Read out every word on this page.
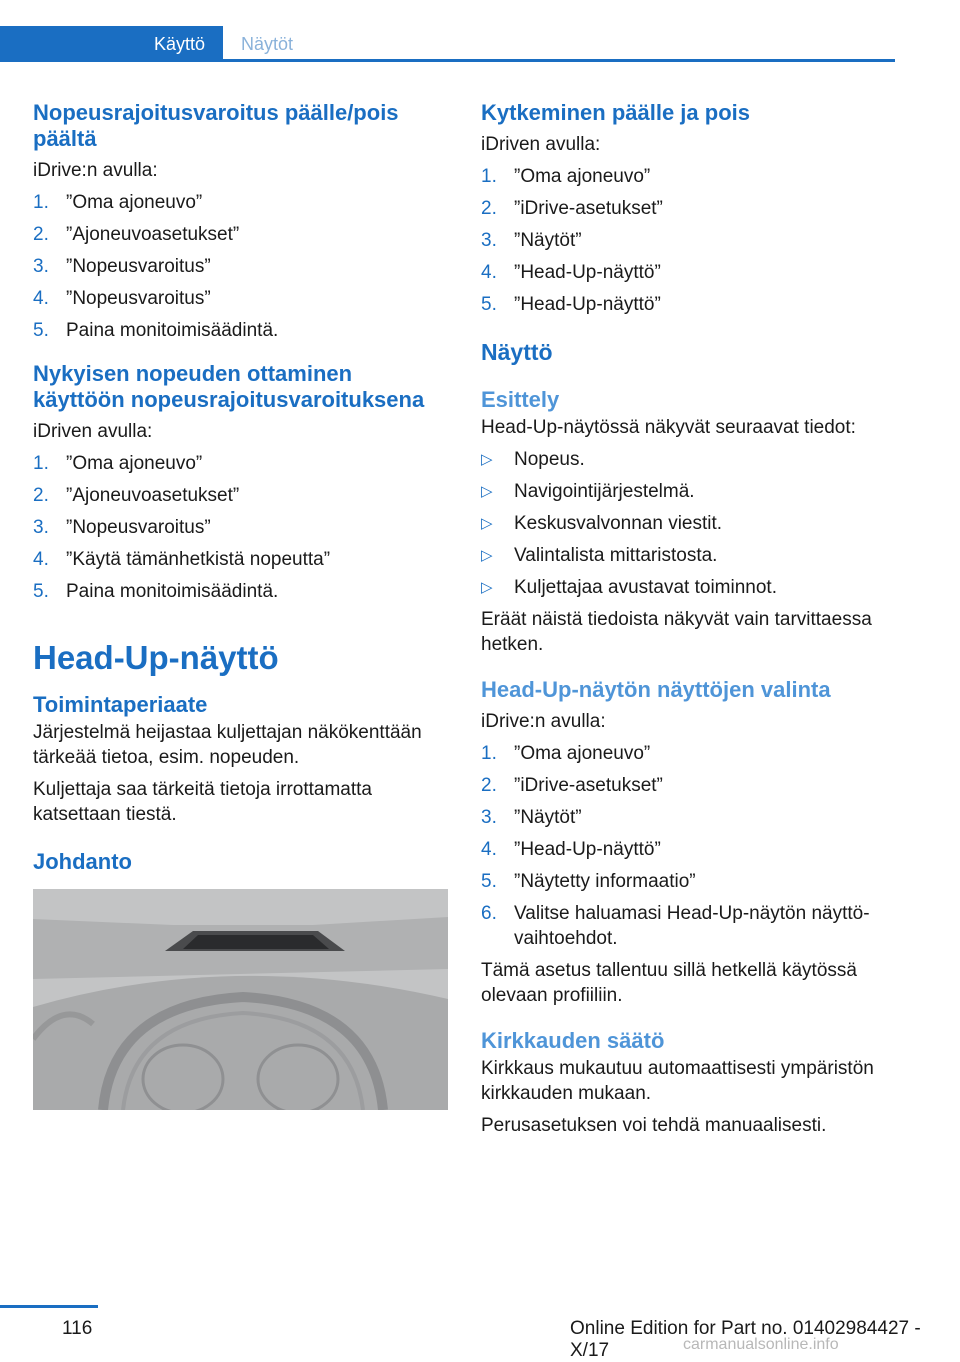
Käyttö Näytöt
Nopeusrajoitusvaroitus päälle/pois päältä
iDrive:n avulla:
1. ”Oma ajoneuvo”
2. ”Ajoneuvoasetukset”
3. ”Nopeusvaroitus”
4. ”Nopeusvaroitus”
5. Paina monitoimisäädintä.
Nykyisen nopeuden ottaminen käyttöön nopeusrajoitusvaroituksena
iDriven avulla:
1. ”Oma ajoneuvo”
2. ”Ajoneuvoasetukset”
3. ”Nopeusvaroitus”
4. ”Käytä tämänhetkistä nopeutta”
5. Paina monitoimisäädintä.
Head-Up-näyttö
Toimintaperiaate
Järjestelmä heijastaa kuljettajan näkökenttään tärkeää tietoa, esim. nopeuden.
Kuljettaja saa tärkeitä tietoja irrottamatta katsettaan tiestä.
Johdanto
Kytkeminen päälle ja pois
iDriven avulla:
1. ”Oma ajoneuvo”
2. ”iDrive-asetukset”
3. ”Näytöt”
4. ”Head-Up-näyttö”
5. ”Head-Up-näyttö”
Näyttö
Esittely
Head-Up-näytössä näkyvät seuraavat tiedot:
▷	Nopeus.
▷	Navigointijärjestelmä.
▷	Keskusvalvonnan viestit.
▷	Valintalista mittaristosta.
▷	Kuljettajaa avustavat toiminnot.
Eräät näistä tiedoista näkyvät vain tarvittaessa hetken.
Head-Up-näytön näyttöjen valinta
iDrive:n avulla:
1. ”Oma ajoneuvo”
2. ”iDrive-asetukset”
3. ”Näytöt”
4. ”Head-Up-näyttö”
5. ”Näytetty informaatio”
6. Valitse haluamasi Head-Up-näytön näyttövaihtoehdot.
Tämä asetus tallentuu sillä hetkellä käytössä olevaan profiiliin.
Kirkkauden säätö
Kirkkaus mukautuu automaattisesti ympäristön kirkkauden mukaan.
Perusasetuksen voi tehdä manuaalisesti.
116	Online Edition for Part no. 01402984427 - X/17	carmanualsonline.info
